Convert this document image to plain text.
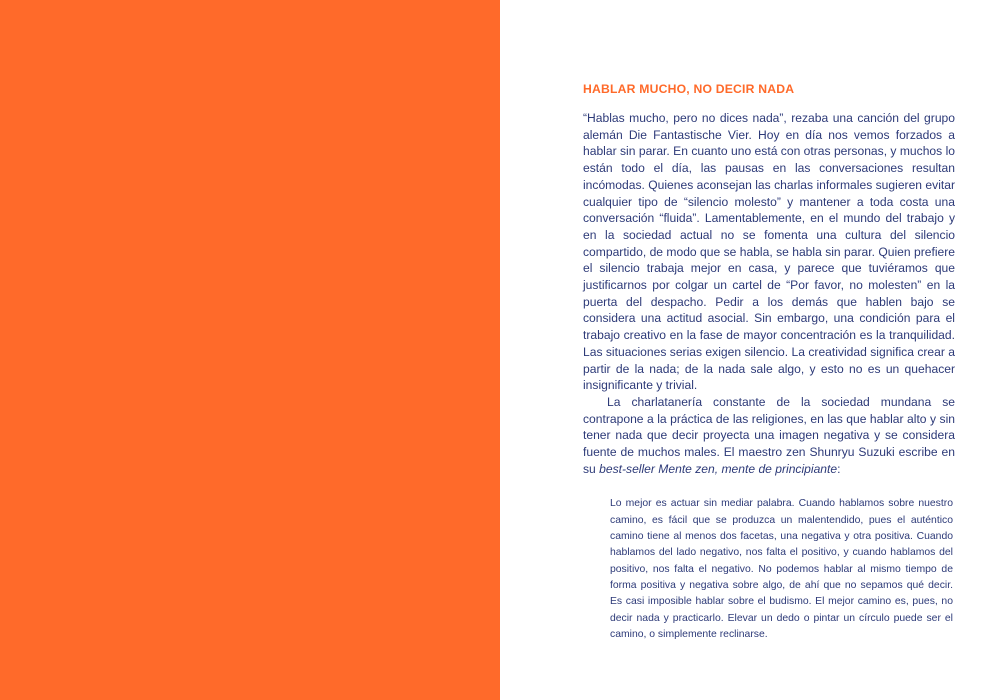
HABLAR MUCHO, NO DECIR NADA

“Hablas mucho, pero no dices nada”, rezaba una canción del grupo alemán Die Fantastische Vier. Hoy en día nos vemos forzados a hablar sin parar. En cuanto uno está con otras personas, y muchos lo están todo el día, las pausas en las conversaciones resultan incómodas. Quienes aconsejan las charlas informales sugieren evitar cualquier tipo de “silencio molesto” y mantener a toda costa una conversación “fluida”. Lamentablemente, en el mundo del trabajo y en la sociedad actual no se fomenta una cultura del silencio compartido, de modo que se habla, se habla sin parar. Quien prefiere el silencio trabaja mejor en casa, y parece que tuviéramos que justificarnos por colgar un cartel de “Por favor, no molesten” en la puerta del despacho. Pedir a los demás que hablen bajo se considera una actitud asocial. Sin embargo, una condición para el trabajo creativo en la fase de mayor concentración es la tranquilidad. Las situaciones serias exigen silencio. La creatividad significa crear a partir de la nada; de la nada sale algo, y esto no es un quehacer insignificante y trivial.

La charlatanería constante de la sociedad mundana se contrapone a la práctica de las religiones, en las que hablar alto y sin tener nada que decir proyecta una imagen negativa y se considera fuente de muchos males. El maestro zen Shunryu Suzuki escribe en su best-seller Mente zen, mente de principiante:

Lo mejor es actuar sin mediar palabra. Cuando hablamos sobre nuestro camino, es fácil que se produzca un malentendido, pues el auténtico camino tiene al menos dos facetas, una negativa y otra positiva. Cuando hablamos del lado negativo, nos falta el positivo, y cuando hablamos del positivo, nos falta el negativo. No podemos hablar al mismo tiempo de forma positiva y negativa sobre algo, de ahí que no sepamos qué decir. Es casi imposible hablar sobre el budismo. El mejor camino es, pues, no decir nada y practicarlo. Elevar un dedo o pintar un círculo puede ser el camino, o simplemente reclinarse.
